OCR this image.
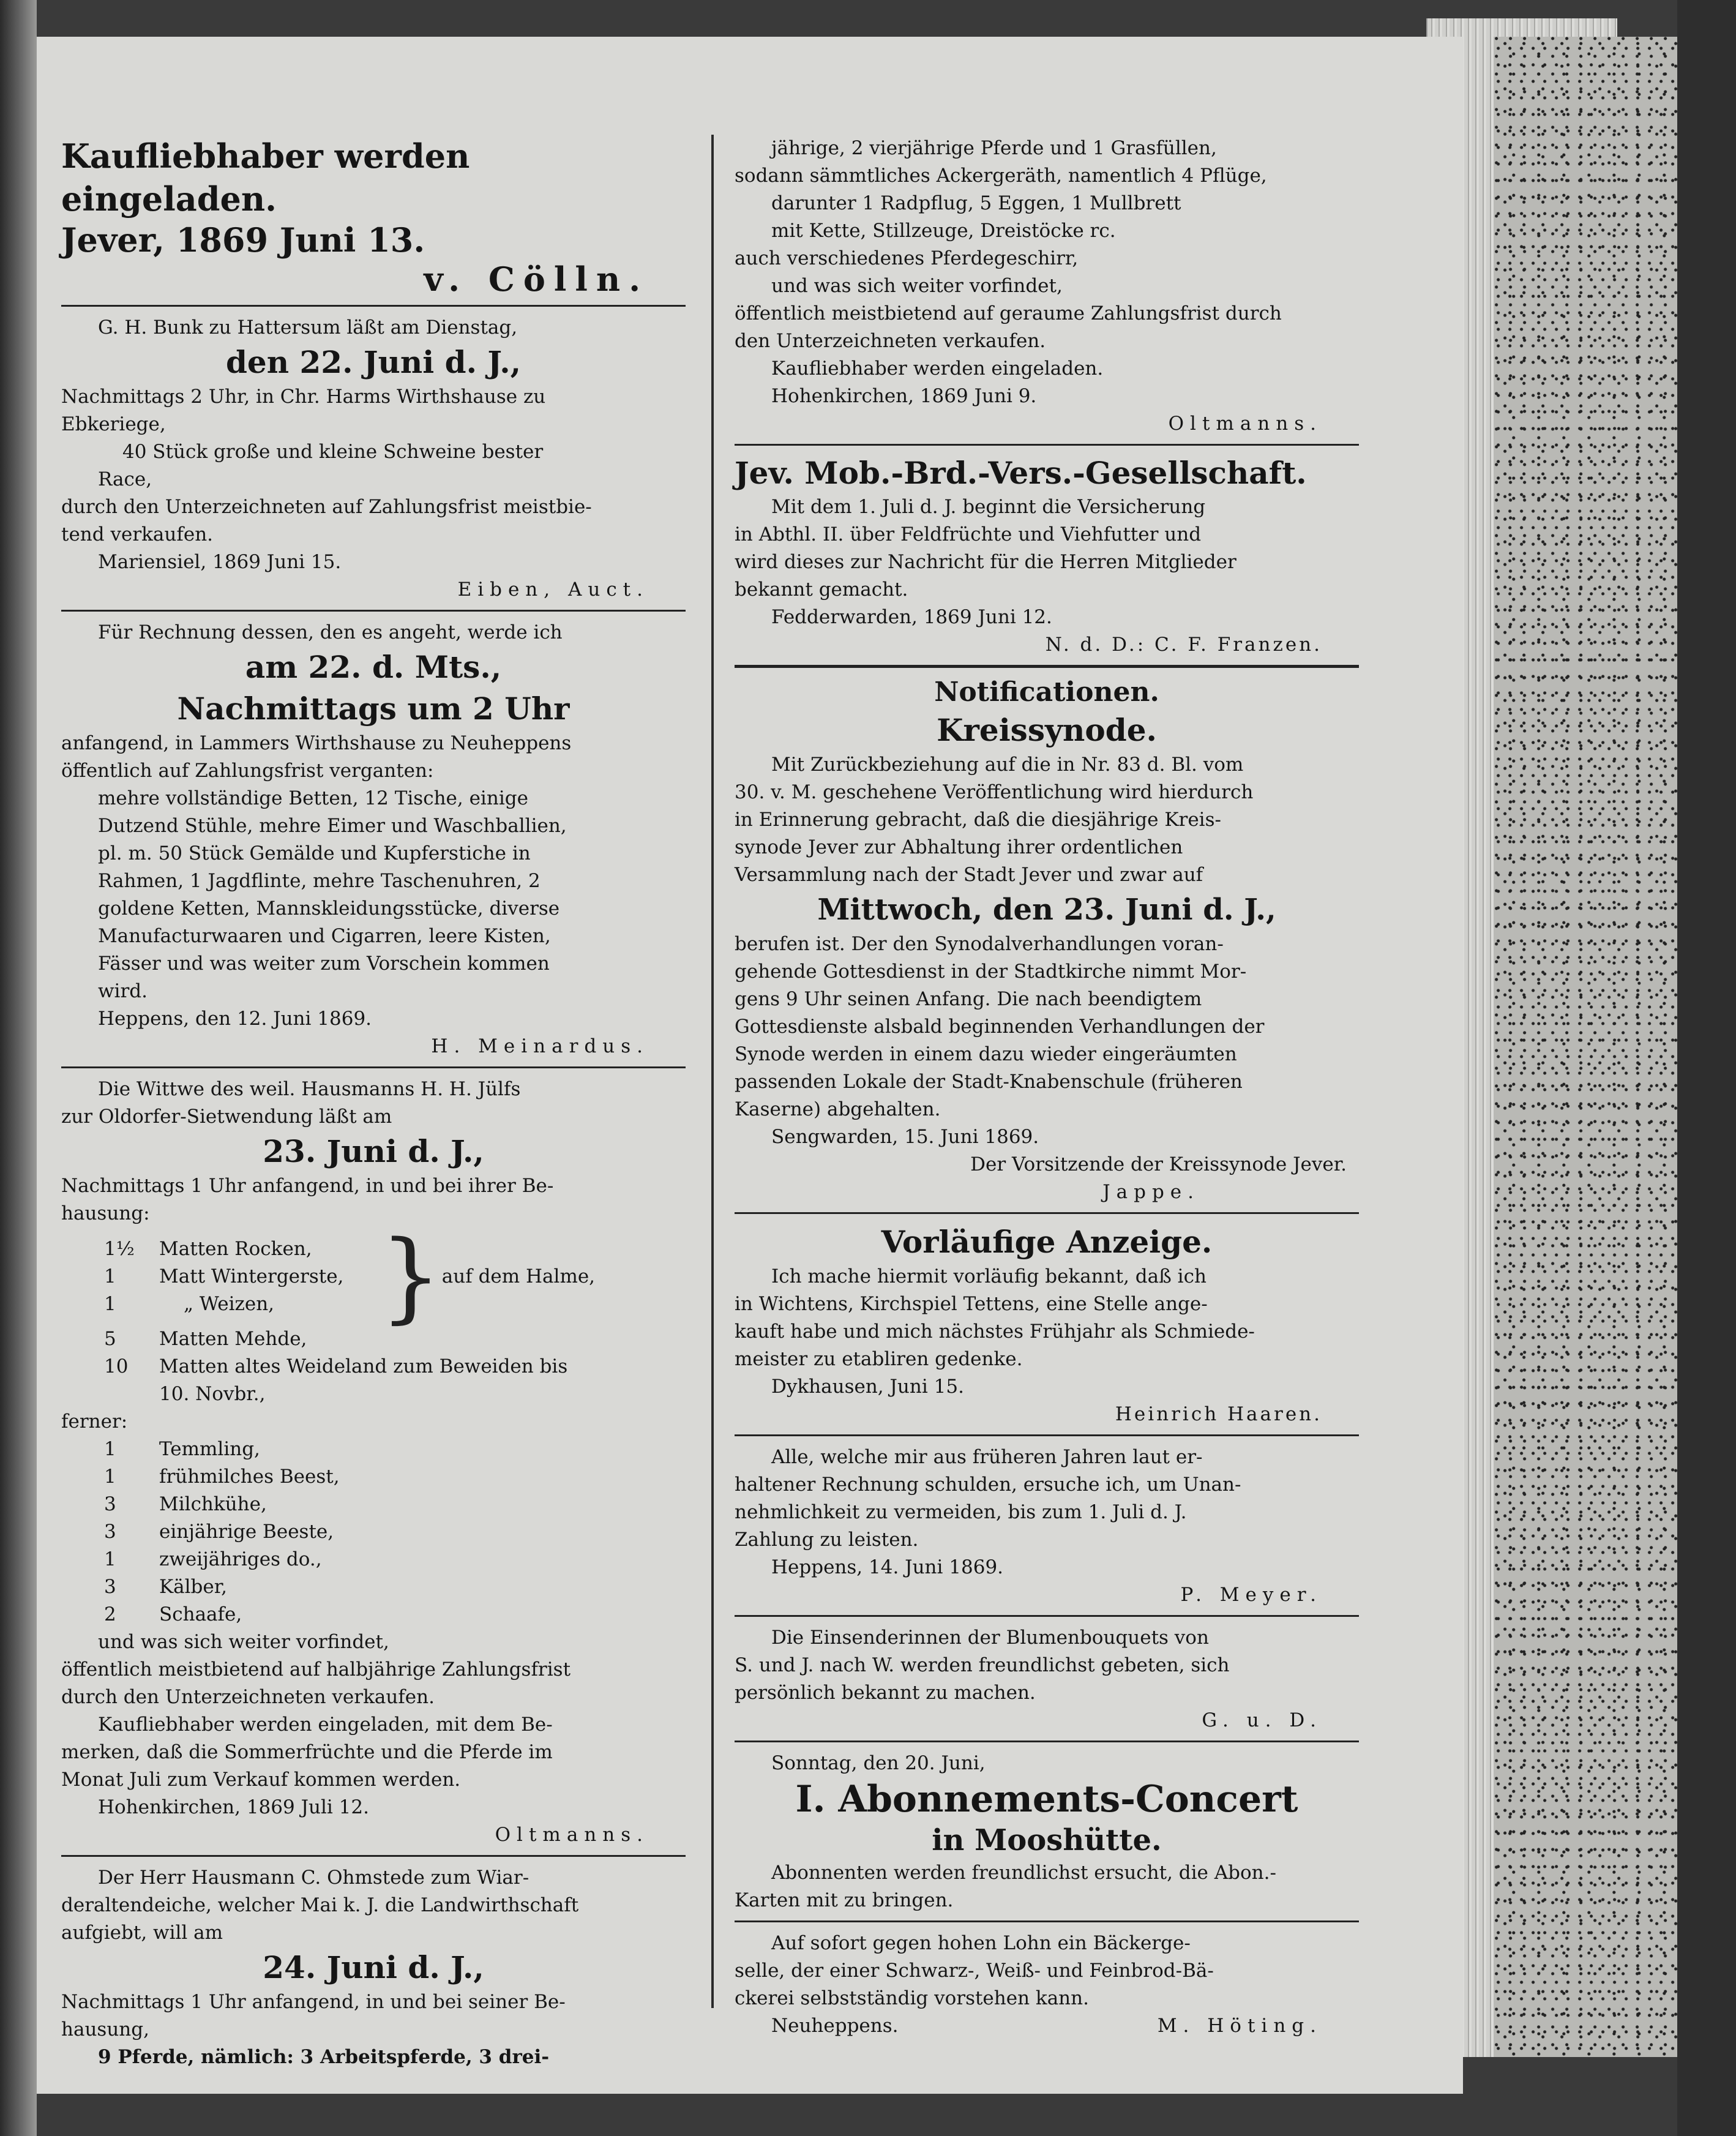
Kaufliebhaber werden eingeladen.

Jever, 1869 Juni 13.

v. Cölln.

G. H. Bunk zu Hattersum läßt am Dienstag,

den 22. Juni d. J.,

Nachmittags 2 Uhr, in Chr. Harms Wirthshause zu

Ebkeriege,

40 Stück große und kleine Schweine bester

Race,

durch den Unterzeichneten auf Zahlungsfrist meistbie-

tend verkaufen.

Mariensiel, 1869 Juni 15.

Eiben, Auct.

Für Rechnung dessen, den es angeht, werde ich

am 22. d. Mts.,

Nachmittags um 2 Uhr

anfangend, in Lammers Wirthshause zu Neuheppens

öffentlich auf Zahlungsfrist verganten:

mehre vollständige Betten, 12 Tische, einige

Dutzend Stühle, mehre Eimer und Waschballien,

pl. m. 50 Stück Gemälde und Kupferstiche in

Rahmen, 1 Jagdflinte, mehre Taschenuhren, 2

goldene Ketten, Mannskleidungsstücke, diverse

Manufacturwaaren und Cigarren, leere Kisten,

Fässer und was weiter zum Vorschein kommen

wird.

Heppens, den 12. Juni 1869.

H. Meinardus.

Die Wittwe des weil. Hausmanns H. H. Jülfs

zur Oldorfer-Sietwendung läßt am

23. Juni d. J.,

Nachmittags 1 Uhr anfangend, in und bei ihrer Be-

hausung:

1½	Matten Rocken,
1	Matt Wintergerste,
1	„ Weizen,	} auf dem Halme,
5	Matten Mehde,
10	Matten altes Weideland zum Beweiden bis
10. Novbr.,

ferner:

1	Temmling,
1	frühmilches Beest,
3	Milchkühe,
3	einjährige Beeste,
1	zweijähriges do.,
3	Kälber,
2	Schaafe,

und was sich weiter vorfindet,

öffentlich meistbietend auf halbjährige Zahlungsfrist

durch den Unterzeichneten verkaufen.

Kaufliebhaber werden eingeladen, mit dem Be-

merken, daß die Sommerfrüchte und die Pferde im

Monat Juli zum Verkauf kommen werden.

Hohenkirchen, 1869 Juli 12.

Oltmanns.

Der Herr Hausmann C. Ohmstede zum Wiar-

deraltendeiche, welcher Mai k. J. die Landwirthschaft

aufgiebt, will am

24. Juni d. J.,

Nachmittags 1 Uhr anfangend, in und bei seiner Be-

hausung,

9 Pferde, nämlich: 3 Arbeitspferde, 3 drei-

jährige, 2 vierjährige Pferde und 1 Grasfüllen,

sodann sämmtliches Ackergeräth, namentlich 4 Pflüge,

darunter 1 Radpflug, 5 Eggen, 1 Mullbrett

mit Kette, Stillzeuge, Dreistöcke rc.

auch verschiedenes Pferdegeschirr,

und was sich weiter vorfindet,

öffentlich meistbietend auf geraume Zahlungsfrist durch

den Unterzeichneten verkaufen.

Kaufliebhaber werden eingeladen.

Hohenkirchen, 1869 Juni 9.

Oltmanns.

Jev. Mob.-Brd.-Vers.-Gesellschaft.

Mit dem 1. Juli d. J. beginnt die Versicherung

in Abthl. II. über Feldfrüchte und Viehfutter und

wird dieses zur Nachricht für die Herren Mitglieder

bekannt gemacht.

Fedderwarden, 1869 Juni 12.

N. d. D.: C. F. Franzen.

Notificationen.

Kreissynode.

Mit Zurückbeziehung auf die in Nr. 83 d. Bl. vom

30. v. M. geschehene Veröffentlichung wird hierdurch

in Erinnerung gebracht, daß die diesjährige Kreis-

synode Jever zur Abhaltung ihrer ordentlichen

Versammlung nach der Stadt Jever und zwar auf

Mittwoch, den 23. Juni d. J.,

berufen ist. Der den Synodalverhandlungen voran-

gehende Gottesdienst in der Stadtkirche nimmt Mor-

gens 9 Uhr seinen Anfang. Die nach beendigtem

Gottesdienste alsbald beginnenden Verhandlungen der

Synode werden in einem dazu wieder eingeräumten

passenden Lokale der Stadt-Knabenschule (früheren

Kaserne) abgehalten.

Sengwarden, 15. Juni 1869.

Der Vorsitzende der Kreissynode Jever.

Jappe.

Vorläufige Anzeige.

Ich mache hiermit vorläufig bekannt, daß ich

in Wichtens, Kirchspiel Tettens, eine Stelle ange-

kauft habe und mich nächstes Frühjahr als Schmiede-

meister zu etabliren gedenke.

Dykhausen, Juni 15.

Heinrich Haaren.

Alle, welche mir aus früheren Jahren laut er-

haltener Rechnung schulden, ersuche ich, um Unan-

nehmlichkeit zu vermeiden, bis zum 1. Juli d. J.

Zahlung zu leisten.

Heppens, 14. Juni 1869.

P. Meyer.

Die Einsenderinnen der Blumenbouquets von

S. und J. nach W. werden freundlichst gebeten, sich

persönlich bekannt zu machen.

G. u. D.

Sonntag, den 20. Juni,

I. Abonnements-Concert

in Mooshütte.

Abonnenten werden freundlichst ersucht, die Abon.-

Karten mit zu bringen.

Auf sofort gegen hohen Lohn ein Bäckerge-

selle, der einer Schwarz-, Weiß- und Feinbrod-Bä-

ckerei selbstständig vorstehen kann.

Neuheppens.	M. Höting.
